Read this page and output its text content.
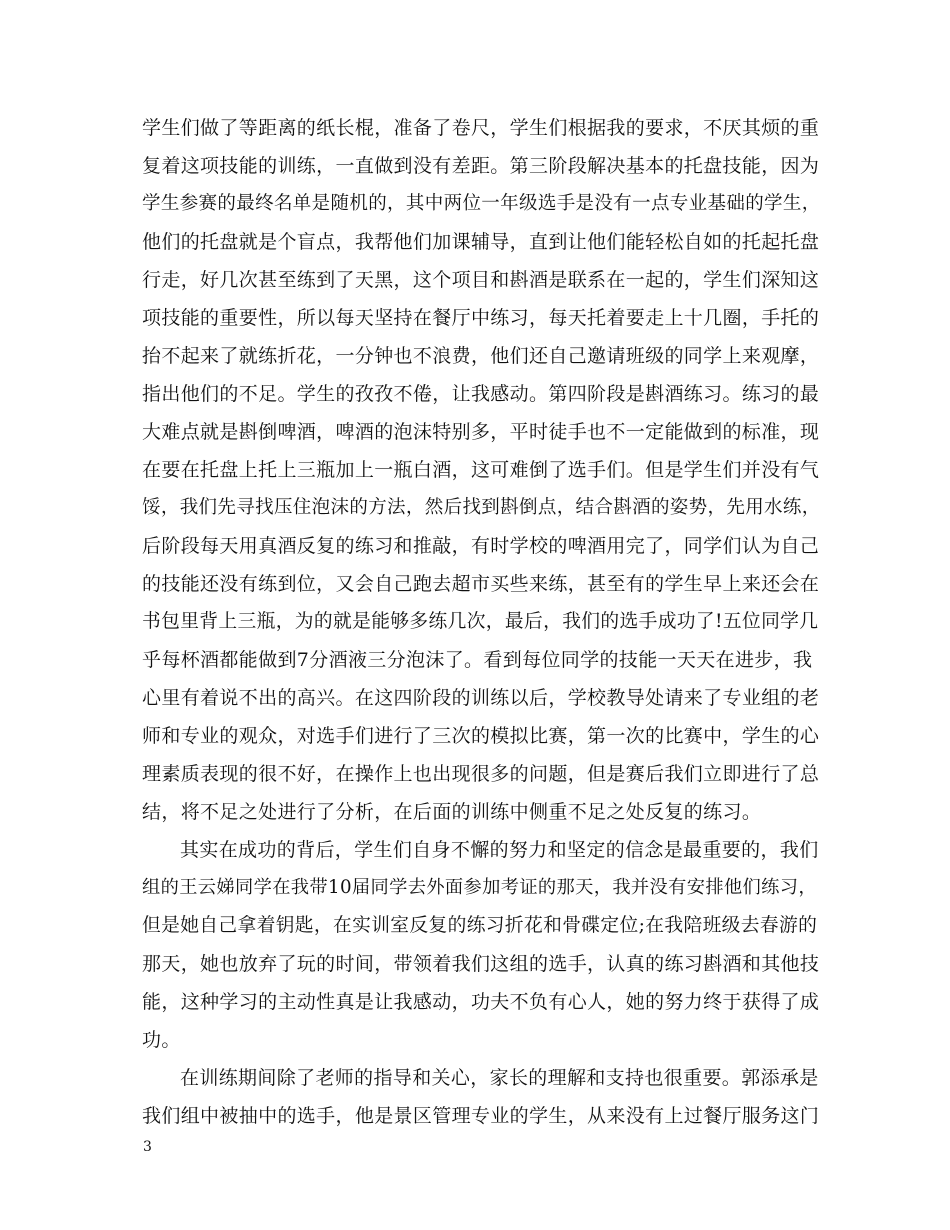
学生们做了等距离的纸长棍，准备了卷尺，学生们根据我的要求，不厌其烦的重
复着这项技能的训练，一直做到没有差距。第三阶段解决基本的托盘技能，因为
学生参赛的最终名单是随机的，其中两位一年级选手是没有一点专业基础的学生，
他们的托盘就是个盲点，我帮他们加课辅导，直到让他们能轻松自如的托起托盘
行走，好几次甚至练到了天黑，这个项目和斟酒是联系在一起的，学生们深知这
项技能的重要性，所以每天坚持在餐厅中练习，每天托着要走上十几圈，手托的
抬不起来了就练折花，一分钟也不浪费，他们还自己邀请班级的同学上来观摩，
指出他们的不足。学生的孜孜不倦，让我感动。第四阶段是斟酒练习。练习的最
大难点就是斟倒啤酒，啤酒的泡沫特别多，平时徒手也不一定能做到的标准，现
在要在托盘上托上三瓶加上一瓶白酒，这可难倒了选手们。但是学生们并没有气
馁，我们先寻找压住泡沫的方法，然后找到斟倒点，结合斟酒的姿势，先用水练，
后阶段每天用真酒反复的练习和推敲，有时学校的啤酒用完了，同学们认为自己
的技能还没有练到位，又会自己跑去超市买些来练，甚至有的学生早上来还会在
书包里背上三瓶，为的就是能够多练几次，最后，我们的选手成功了!五位同学几
乎每杯酒都能做到7分酒液三分泡沫了。看到每位同学的技能一天天在进步，我
心里有着说不出的高兴。在这四阶段的训练以后，学校教导处请来了专业组的老
师和专业的观众，对选手们进行了三次的模拟比赛，第一次的比赛中，学生的心
理素质表现的很不好，在操作上也出现很多的问题，但是赛后我们立即进行了总
结，将不足之处进行了分析，在后面的训练中侧重不足之处反复的练习。
其实在成功的背后，学生们自身不懈的努力和坚定的信念是最重要的，我们
组的王云娣同学在我带10届同学去外面参加考证的那天，我并没有安排他们练习，
但是她自己拿着钥匙，在实训室反复的练习折花和骨碟定位;在我陪班级去春游的
那天，她也放弃了玩的时间，带领着我们这组的选手，认真的练习斟酒和其他技
能，这种学习的主动性真是让我感动，功夫不负有心人，她的努力终于获得了成
功。
在训练期间除了老师的指导和关心，家长的理解和支持也很重要。郭添承是
我们组中被抽中的选手，他是景区管理专业的学生，从来没有上过餐厅服务这门
3
